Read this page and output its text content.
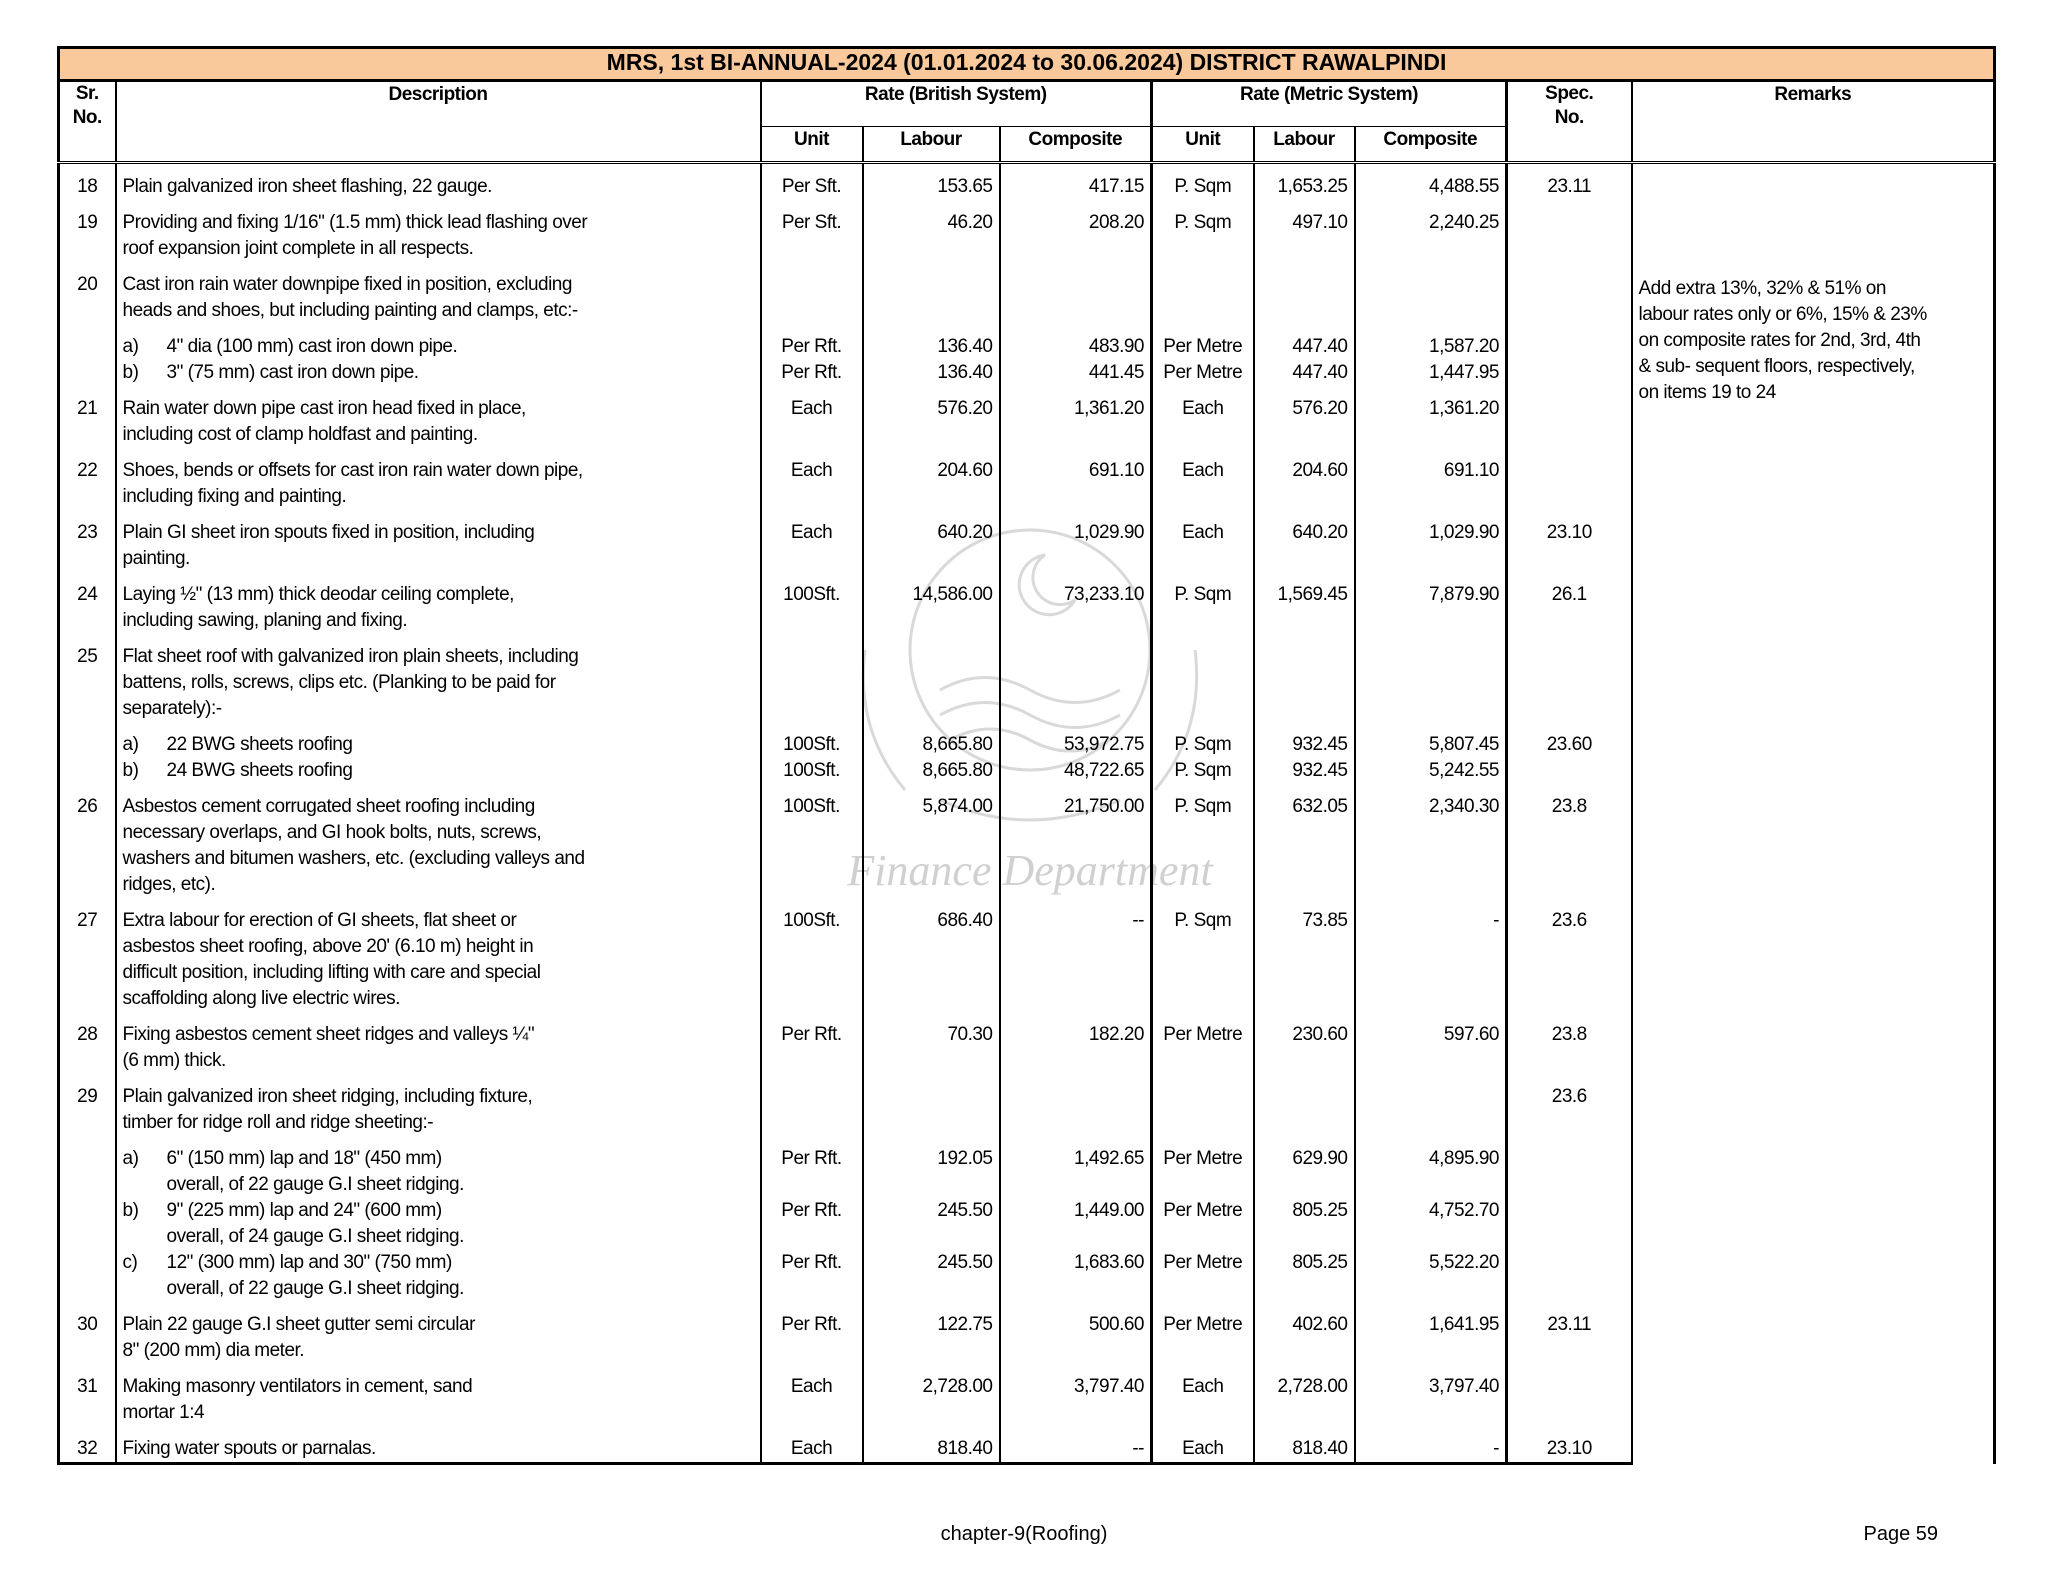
Finance Department
MRS, 1st BI-ANNUAL-2024 (01.01.2024 to 30.06.2024) DISTRICT RAWALPINDI									
Sr.
No.	Description	Rate (British System)			Rate (Metric System)			Spec.
No.	Remarks
		Unit	Labour	Composite	Unit	Labour	Composite		
18	Plain galvanized iron sheet flashing, 22 gauge.	Per Sft.	153.65	417.15	P. Sqm	1,653.25	4,488.55	23.11	Add extra 13%, 32% & 51% on
labour rates only or 6%, 15% & 23%
on composite rates for 2nd, 3rd, 4th
& sub- sequent floors, respectively,
on items 19 to 24

19	Providing and fixing 1/16" (1.5 mm) thick lead flashing over
roof expansion joint complete in all respects.	Per Sft.	46.20	208.20	P. Sqm	497.10	2,240.25		
20	Cast iron rain water downpipe fixed in position, excluding
heads and shoes, but including painting and clamps, etc:-								
	a) 4" dia (100 mm) cast iron down pipe.	Per Rft.	136.40	483.90	Per Metre	447.40	1,587.20		
	b) 3" (75 mm) cast iron down pipe.	Per Rft.	136.40	441.45	Per Metre	447.40	1,447.95		
21	Rain water down pipe cast iron head fixed in place,
including cost of clamp holdfast and painting.	Each	576.20	1,361.20	Each	576.20	1,361.20		
22	Shoes, bends or offsets for cast iron rain water down pipe,
including fixing and painting.	Each	204.60	691.10	Each	204.60	691.10		
23	Plain GI sheet iron spouts fixed in position, including
painting.	Each	640.20	1,029.90	Each	640.20	1,029.90	23.10	
24	Laying ½" (13 mm) thick deodar ceiling complete,
including sawing, planing and fixing.	100Sft.	14,586.00	73,233.10	P. Sqm	1,569.45	7,879.90	26.1	
25	Flat sheet roof with galvanized iron plain sheets, including
battens, rolls, screws, clips etc. (Planking to be paid for
separately):-								
	a) 22 BWG sheets roofing	100Sft.	8,665.80	53,972.75	P. Sqm	932.45	5,807.45	23.60	
	b) 24 BWG sheets roofing	100Sft.	8,665.80	48,722.65	P. Sqm	932.45	5,242.55		
26	Asbestos cement corrugated sheet roofing including
necessary overlaps, and GI hook bolts, nuts, screws,
washers and bitumen washers, etc. (excluding valleys and
ridges, etc).	100Sft.	5,874.00	21,750.00	P. Sqm	632.05	2,340.30	23.8	
27	Extra labour for erection of GI sheets, flat sheet or
asbestos sheet roofing, above 20' (6.10 m) height in
difficult position, including lifting with care and special
scaffolding along live electric wires.	100Sft.	686.40	--	P. Sqm	73.85	-	23.6	
28	Fixing asbestos cement sheet ridges and valleys ¼"
(6 mm) thick.	Per Rft.	70.30	182.20	Per Metre	230.60	597.60	23.8	
29	Plain galvanized iron sheet ridging, including fixture,
timber for ridge roll and ridge sheeting:-							23.6	
	a) 6" (150 mm) lap and 18" (450 mm)
overall, of 22 gauge G.I sheet ridging.	Per Rft.	192.05	1,492.65	Per Metre	629.90	4,895.90		
	b) 9" (225 mm) lap and 24" (600 mm)
overall, of 24 gauge G.I sheet ridging.	Per Rft.	245.50	1,449.00	Per Metre	805.25	4,752.70		
	c) 12" (300 mm) lap and 30" (750 mm)
overall, of 22 gauge G.I sheet ridging.	Per Rft.	245.50	1,683.60	Per Metre	805.25	5,522.20		
30	Plain 22 gauge G.I sheet gutter semi circular
8" (200 mm) dia meter.	Per Rft.	122.75	500.60	Per Metre	402.60	1,641.95	23.11	
31	Making masonry ventilators in cement, sand
mortar 1:4	Each	2,728.00	3,797.40	Each	2,728.00	3,797.40		
32	Fixing water spouts or parnalas.	Each	818.40	--	Each	818.40	-	23.10	
chapter-9(Roofing)	Page 59
